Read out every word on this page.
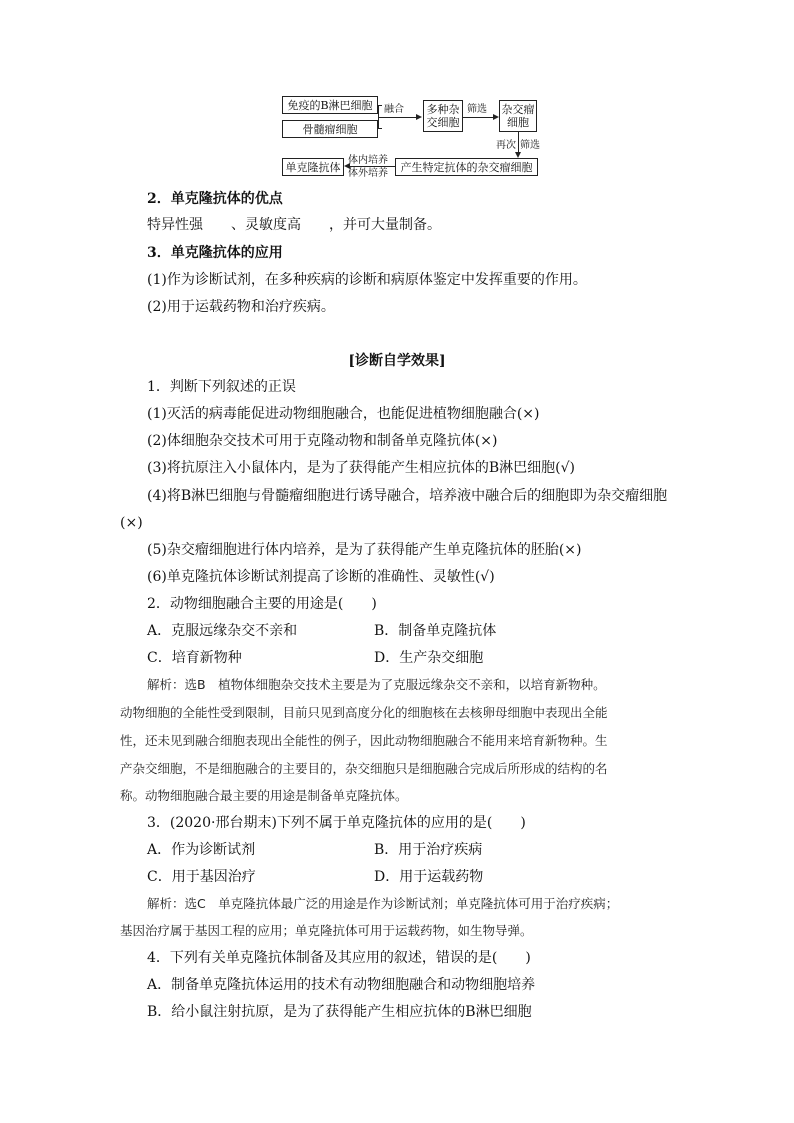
免疫的B淋巴细胞
骨髓瘤细胞
融合 多种杂
交细胞
筛选 杂交瘤
细胞
再次 筛选
产生特定抗体的杂交瘤细胞
体内培养
体外培养
单克隆抗体
2．单克隆抗体的优点
特异性强 、灵敏度高 ，并可大量制备。
3．单克隆抗体的应用
(1)作为诊断试剂，在多种疾病的诊断和病原体鉴定中发挥重要的作用。
(2)用于运载药物和治疗疾病。
[诊断自学效果]
1．判断下列叙述的正误
(1)灭活的病毒能促进动物细胞融合，也能促进植物细胞融合(×)
(2)体细胞杂交技术可用于克隆动物和制备单克隆抗体(×)
(3)将抗原注入小鼠体内，是为了获得能产生相应抗体的B淋巴细胞(√)
(4)将B淋巴细胞与骨髓瘤细胞进行诱导融合，培养液中融合后的细胞即为杂交瘤细胞
(×)
(5)杂交瘤细胞进行体内培养，是为了获得能产生单克隆抗体的胚胎(×)
(6)单克隆抗体诊断试剂提高了诊断的准确性、灵敏性(√)
2．动物细胞融合主要的用途是(　　)
A．克服远缘杂交不亲和	B．制备单克隆抗体
C．培育新物种	D．生产杂交细胞
解析：选B　植物体细胞杂交技术主要是为了克服远缘杂交不亲和，以培育新物种。
动物细胞的全能性受到限制，目前只见到高度分化的细胞核在去核卵母细胞中表现出全能
性，还未见到融合细胞表现出全能性的例子，因此动物细胞融合不能用来培育新物种。生
产杂交细胞，不是细胞融合的主要目的，杂交细胞只是细胞融合完成后所形成的结构的名
称。动物细胞融合最主要的用途是制备单克隆抗体。
3．(2020·邢台期末)下列不属于单克隆抗体的应用的是(　　)
A．作为诊断试剂	B．用于治疗疾病
C．用于基因治疗	D．用于运载药物
解析：选C　单克隆抗体最广泛的用途是作为诊断试剂；单克隆抗体可用于治疗疾病；
基因治疗属于基因工程的应用；单克隆抗体可用于运载药物，如生物导弹。
4．下列有关单克隆抗体制备及其应用的叙述，错误的是(　　)
A．制备单克隆抗体运用的技术有动物细胞融合和动物细胞培养
B．给小鼠注射抗原，是为了获得能产生相应抗体的B淋巴细胞
